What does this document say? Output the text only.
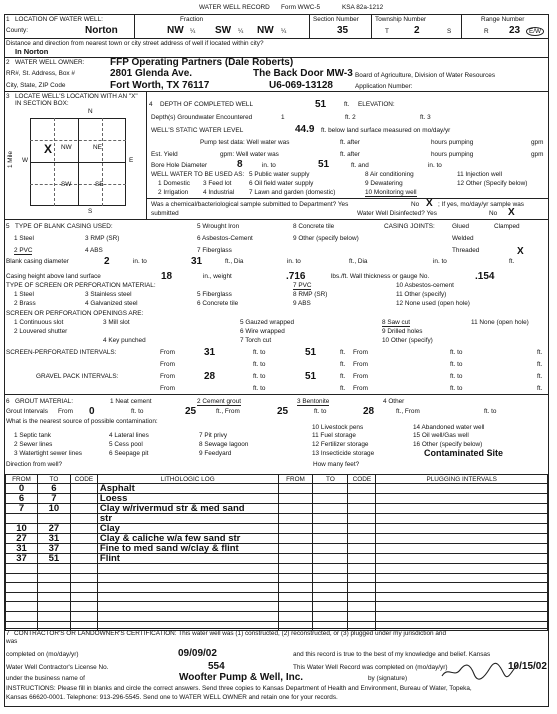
WATER WELL RECORD Form WWC-5	KSA 82a-1212
1 LOCATION OF WATER WELL:
County:	Norton
Fraction
NW ¼ SW ¼ NW ¼
Section Number
35
Township Number
T	2	S
Range Number
R 23	E/W
Distance and direction from nearest town or city street address of well if located within city?
In Norton
2 WATER WELL OWNER:	FFP Operating Partners (Dale Roberts)
RR#, St. Address, Box #	2801 Glenda Ave.	The Back Door MW-3
City, State, ZIP Code	Fort Worth, TX 76117	U6-069-13128
Board of Agriculture, Division of Water Resources
Application Number:
3 LOCATE WELL'S LOCATION WITH AN "X" IN SECTION BOX:
N
S
W	E
1 Mile
NW	NE
SW	SE
X
4 DEPTH OF COMPLETED WELL	51	ft. ELEVATION:
Depth(s) Groundwater Encountered	1	ft. 2	ft. 3
WELL'S STATIC WATER LEVEL	44.9 ft. below land surface measured on mo/day/yr
Pump test data: Well water was	ft. after	hours pumping	gpm
Est. Yield	gpm: Well water was	ft. after	hours pumping	gpm
Bore Hole Diameter	8	in. to	51	ft. and	in. to
WELL WATER TO BE USED AS: 5 Public water supply	8 Air conditioning	11 Injection well
1 Domestic 3 Feed lot	6 Oil field water supply	9 Dewatering	12 Other (Specify below)
2 Irrigation 4 Industrial 7 Lawn and garden (domestic)	10 Monitoring well
Was a chemical/bacteriological sample submitted to Department? Yes	No X ; If yes, mo/day/yr sample was
submitted	Water Well Disinfected? Yes	No X
5 TYPE OF BLANK CASING USED:	5 Wrought Iron	8 Concrete tile	CASING JOINTS:	Glued	Clamped
1 Steel	3 RMP (SR)	6 Asbestos-Cement	9 Other (specify below)	Welded
2 PVC	4 ABS	7 Fiberglass	Threaded	X
Blank casing diameter	2	in. to	31	ft., Dia	in. to	ft., Dia	in. to	ft.
Casing height above land surface	18	in., weight	.716	lbs./ft. Wall thickness or gauge No.	.154
TYPE OF SCREEN OR PERFORATION MATERIAL:	7 PVC	10 Asbestos-cement
1 Steel	3 Stainless steel	5 Fiberglass	8 RMP (SR)	11 Other (specify)
2 Brass	4 Galvanized steel	6 Concrete tile	9 ABS	12 None used (open hole)
SCREEN OR PERFORATION OPENINGS ARE:
5 Gauzed wrapped	8 Saw cut	11 None (open hole)
1 Continuous slot	3 Mill slot
6 Wire wrapped	9 Drilled holes
2 Louvered shutter
4 Key punched	7 Torch cut	10 Other (specify)
SCREEN-PERFORATED INTERVALS:	From	31	ft. to	51	ft. From	ft. to	ft.
From	ft. to	ft. From	ft. to	ft.
GRAVEL PACK INTERVALS:	From	28	ft. to	51	ft. From	ft. to	ft.
From	ft. to	ft. From	ft. to	ft.
6 GROUT MATERIAL:	1 Neat cement	2 Cement grout	3 Bentonite	4 Other
Grout Intervals From 0	ft. to	25	ft., From	25	ft. to	28	ft., From	ft. to
What is the nearest source of possible contamination:
10 Livestock pens	14 Abandoned water well
1 Septic tank	4 Lateral lines	7 Pit privy	11 Fuel storage	15 Oil well/Gas well
2 Sewer lines	5 Cess pool	8 Sewage lagoon	12 Fertilizer storage	16 Other (specify below)
3 Watertight sewer lines	6 Seepage pit	9 Feedyard	13 Insecticide storage	Contaminated Site
Direction from well?	How many feet?
FROM	TO	CODE	LITHOLOGIC LOG	FROM	TO	CODE	PLUGGING INTERVALS
0	6		Asphalt				
6	7		Loess				
7	10		Clay w/rivermud str & med sand				
			str				
10	27		Clay				
27	31		Clay & caliche w/a few sand str				
31	37		Fine to med sand w/clay & flint				
37	51		Flint				

7 CONTRACTOR'S OR LANDOWNER'S CERTIFICATION: This water well was (1) constructed, (2) reconstructed, or (3) plugged under my jurisdiction and
was
completed on (mo/day/yr)	09/09/02	and this record is true to the best of my knowledge and belief. Kansas
Water Well Contractor's License No.	554	This Water Well Record was completed on (mo/day/yr)	10/15/02
under the business name of	Woofter Pump & Well, Inc.	by (signature)
INSTRUCTIONS: Please fill in blanks and circle the correct answers. Send three copies to Kansas Department of Health and Environment, Bureau of Water, Topeka,
Kansas 66620-0001. Telephone: 913-296-5545. Send one to WATER WELL OWNER and retain one for your records.
